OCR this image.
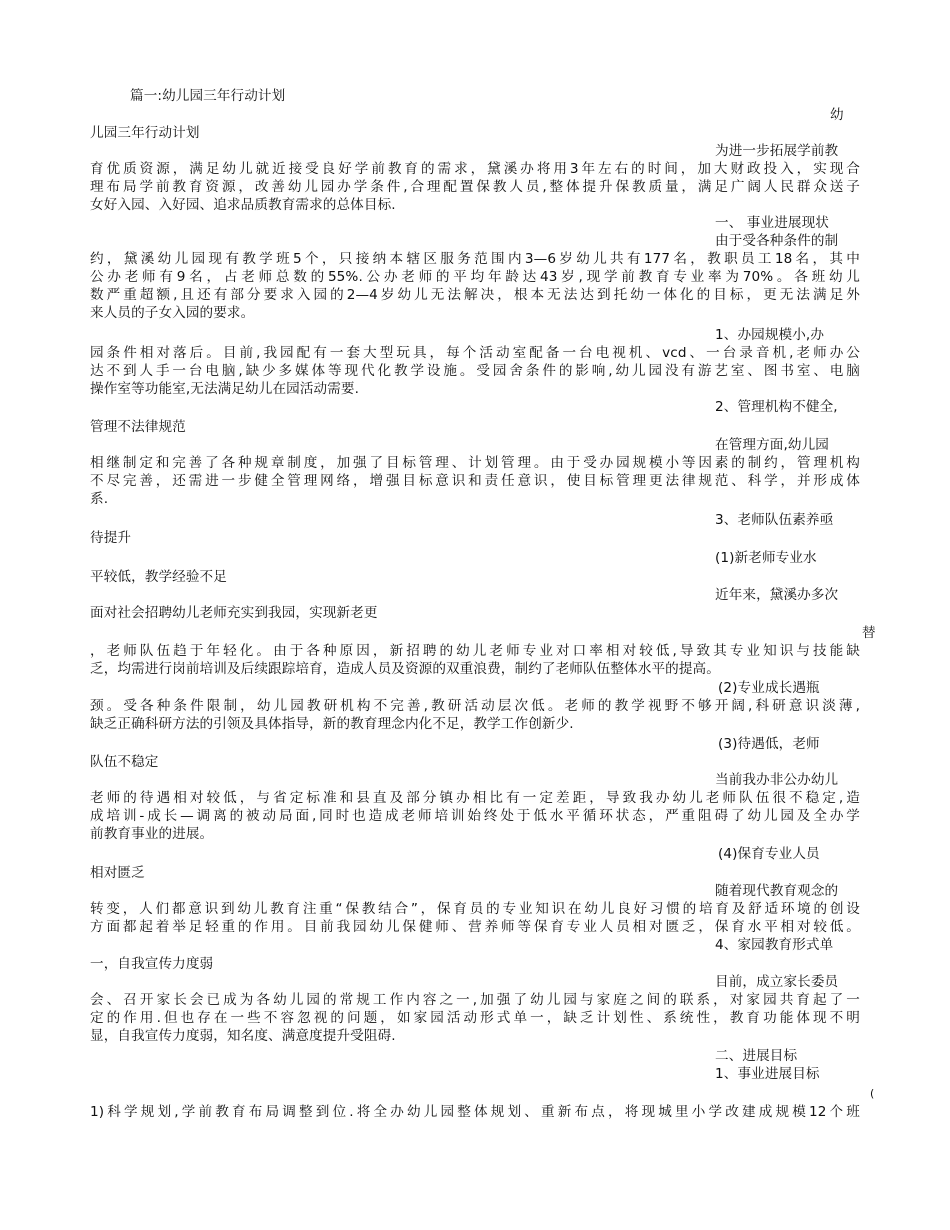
篇一:幼儿园三年行动计划

幼

儿园三年行动计划

为进一步拓展学前教

育优质资源，满足幼儿就近接受良好学前教育的需求，黛溪办将用3年左右的时间，加大财政投入，实现合

理布局学前教育资源，改善幼儿园办学条件,合理配置保教人员,整体提升保教质量，满足广阔人民群众送子

女好入园、入好园、追求品质教育需求的总体目标.

一、 事业进展现状

由于受各种条件的制

约，黛溪幼儿园现有教学班5个，只接纳本辖区服务范围内3—6岁幼儿共有177名，教职员工18名，其中

公办老师有9名，占老师总数的55%.公办老师的平均年龄达43岁,现学前教育专业率为70%。各班幼儿

数严重超额,且还有部分要求入园的2—4岁幼儿无法解决，根本无法达到托幼一体化的目标，更无法满足外

来人员的子女入园的要求。

1、办园规模小,办

园条件相对落后。目前,我园配有一套大型玩具，每个活动室配备一台电视机、vcd、一台录音机,老师办公

达不到人手一台电脑,缺少多媒体等现代化教学设施。受园舍条件的影响,幼儿园没有游艺室、图书室、电脑

操作室等功能室,无法满足幼儿在园活动需要.

2、管理机构不健全,

管理不法律规范

在管理方面,幼儿园

相继制定和完善了各种规章制度，加强了目标管理、计划管理。由于受办园规模小等因素的制约，管理机构

不尽完善，还需进一步健全管理网络，增强目标意识和责任意识，使目标管理更法律规范、科学，并形成体

系.

3、老师队伍素养亟

待提升

(1)新老师专业水

平较低，教学经验不足

近年来，黛溪办多次

面对社会招聘幼儿老师充实到我园，实现新老更

替

，老师队伍趋于年轻化。由于各种原因，新招聘的幼儿老师专业对口率相对较低,导致其专业知识与技能缺

乏，均需进行岗前培训及后续跟踪培育，造成人员及资源的双重浪费，制约了老师队伍整体水平的提高。

(2)专业成长遇瓶

颈。受各种条件限制，幼儿园教研机构不完善,教研活动层次低。老师的教学视野不够开阔,科研意识淡薄,

缺乏正确科研方法的引领及具体指导，新的教育理念内化不足，教学工作创新少.

(3)待遇低，老师

队伍不稳定

当前我办非公办幼儿

老师的待遇相对较低，与省定标准和县直及部分镇办相比有一定差距，导致我办幼儿老师队伍很不稳定,造

成培训-成长—调离的被动局面,同时也造成老师培训始终处于低水平循环状态，严重阻碍了幼儿园及全办学

前教育事业的进展。

(4)保育专业人员

相对匮乏

随着现代教育观念的

转变，人们都意识到幼儿教育注重“保教结合”，保育员的专业知识在幼儿良好习惯的培育及舒适环境的创设

方面都起着举足轻重的作用。目前我园幼儿保健师、营养师等保育专业人员相对匮乏，保育水平相对较低。

4、家园教育形式单

一，自我宣传力度弱

目前，成立家长委员

会、召开家长会已成为各幼儿园的常规工作内容之一,加强了幼儿园与家庭之间的联系，对家园共育起了一

定的作用.但也存在一些不容忽视的问题，如家园活动形式单一，缺乏计划性、系统性，教育功能体现不明

显，自我宣传力度弱，知名度、满意度提升受阻碍.

二、进展目标

1、事业进展目标

(

1)科学规划,学前教育布局调整到位.将全办幼儿园整体规划、重新布点，将现城里小学改建成规模12个班
